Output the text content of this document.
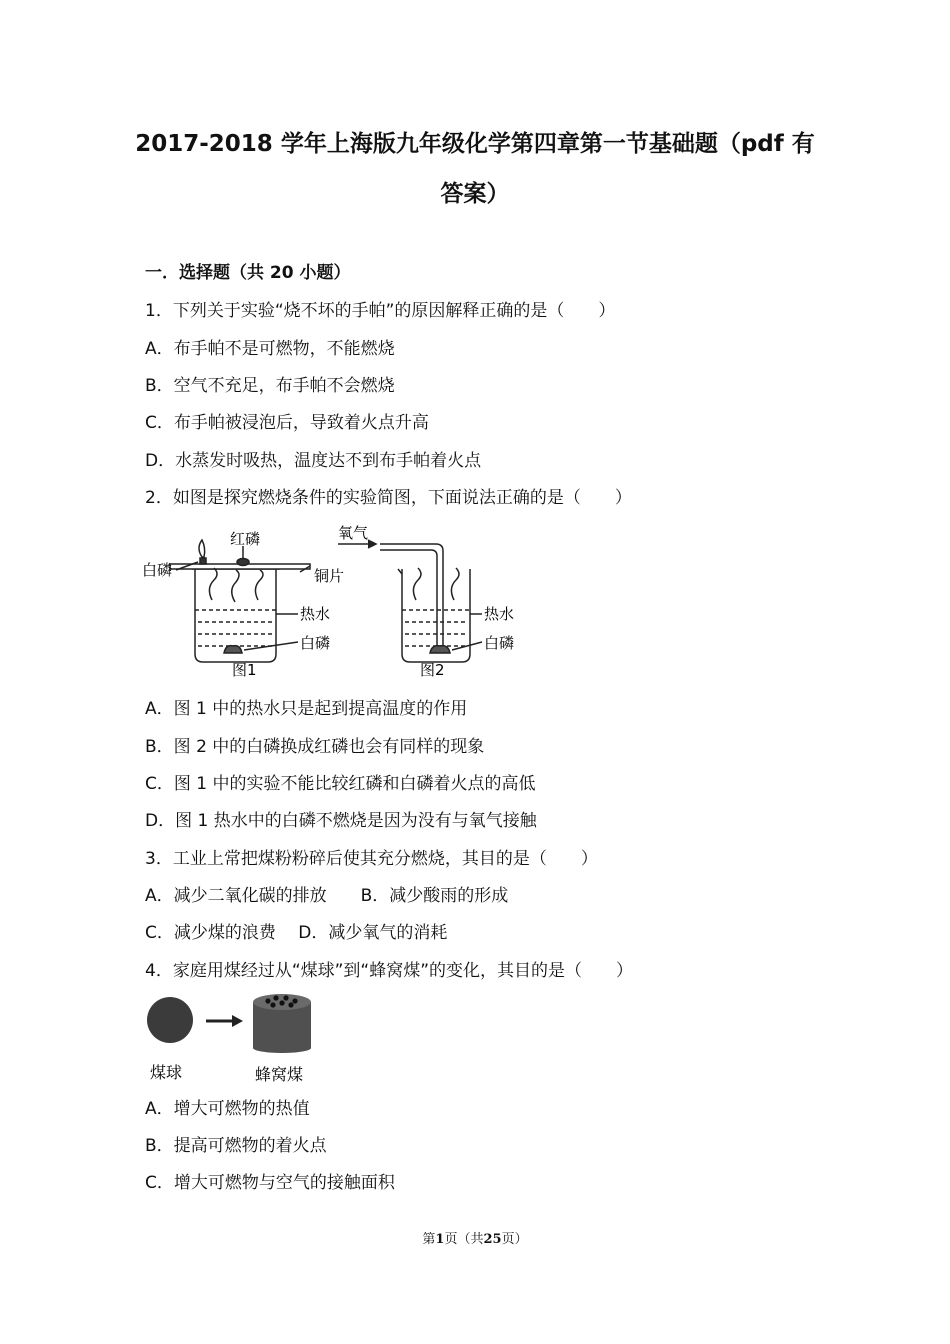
2017-2018 学年上海版九年级化学第四章第一节基础题（pdf 有
答案）
一．选择题（共 20 小题）
1．下列关于实验“烧不坏的手帕”的原因解释正确的是（　　）
A．布手帕不是可燃物，不能燃烧
B．空气不充足，布手帕不会燃烧
C．布手帕被浸泡后，导致着火点升高
D．水蒸发时吸热，温度达不到布手帕着火点
2．如图是探究燃烧条件的实验简图，下面说法正确的是（　　）
红磷
白磷	铜片
热水
白磷
图1
氧气
热水
白磷
图2
A．图 1 中的热水只是起到提高温度的作用
B．图 2 中的白磷换成红磷也会有同样的现象
C．图 1 中的实验不能比较红磷和白磷着火点的高低
D．图 1 热水中的白磷不燃烧是因为没有与氧气接触
3．工业上常把煤粉粉碎后使其充分燃烧，其目的是（　　）
A．减少二氧化碳的排放　　B．减少酸雨的形成
C．减少煤的浪费　 D．减少氧气的消耗
4．家庭用煤经过从“煤球”到“蜂窝煤”的变化，其目的是（　　）
煤球	蜂窝煤
A．增大可燃物的热值
B．提高可燃物的着火点
C．增大可燃物与空气的接触面积
第1页（共25页）
